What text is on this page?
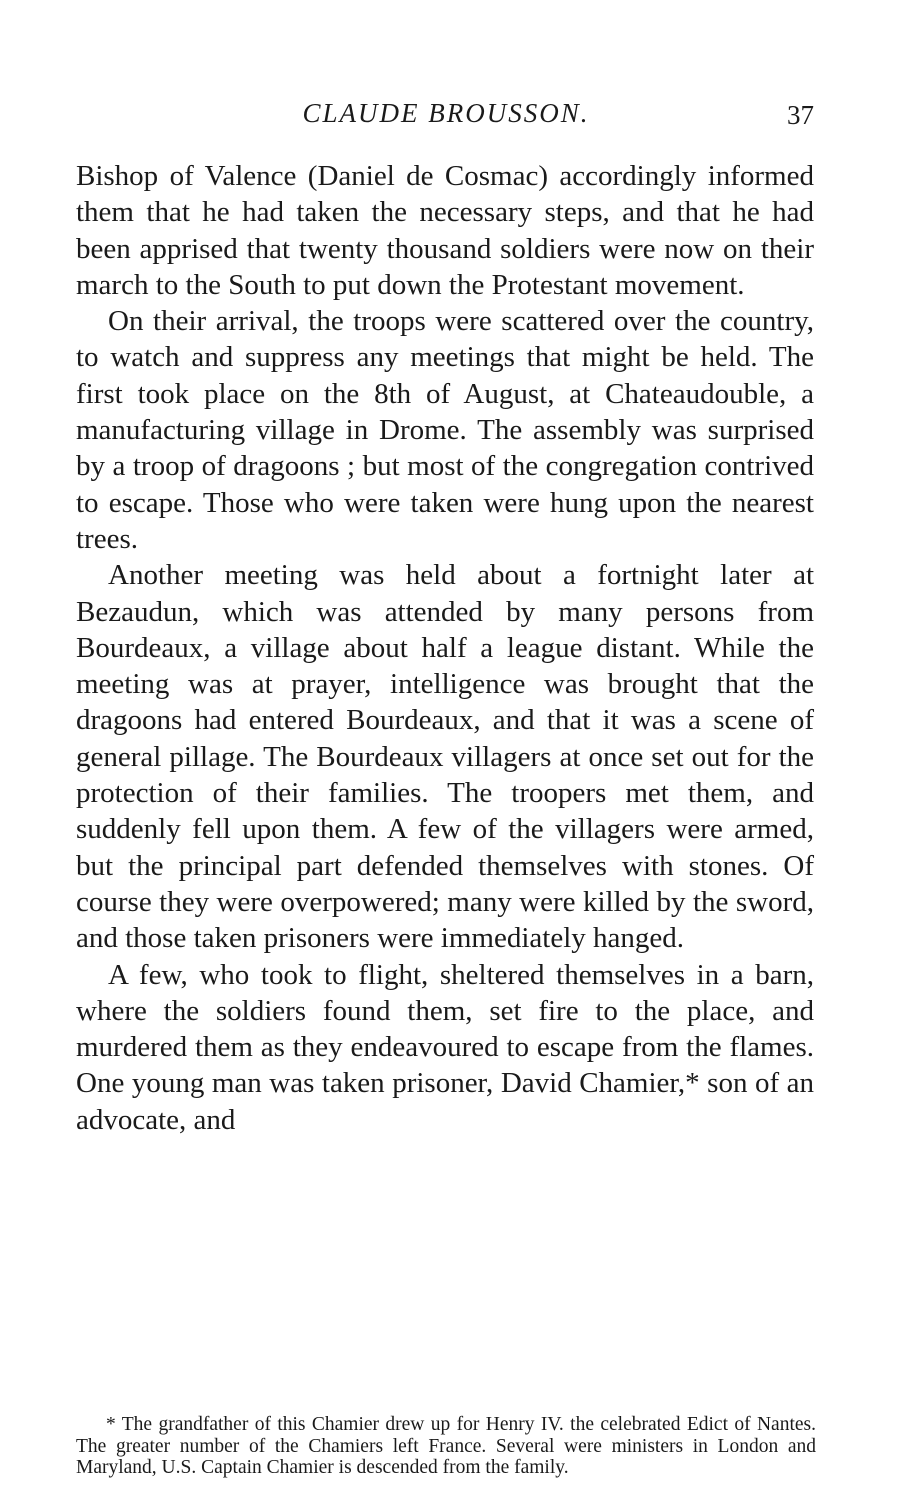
CLAUDE BROUSSON.	37

Bishop of Valence (Daniel de Cosmac) accordingly informed them that he had taken the necessary steps, and that he had been apprised that twenty thousand soldiers were now on their march to the South to put down the Protestant movement.

On their arrival, the troops were scattered over the country, to watch and suppress any meetings that might be held. The first took place on the 8th of August, at Chateaudouble, a manufacturing village in Drome. The assembly was surprised by a troop of dragoons ; but most of the congregation contrived to escape. Those who were taken were hung upon the nearest trees.

Another meeting was held about a fortnight later at Bezaudun, which was attended by many persons from Bourdeaux, a village about half a league distant. While the meeting was at prayer, intelligence was brought that the dragoons had entered Bourdeaux, and that it was a scene of general pillage. The Bourdeaux villagers at once set out for the protection of their families. The troopers met them, and suddenly fell upon them. A few of the villagers were armed, but the principal part defended themselves with stones. Of course they were overpowered; many were killed by the sword, and those taken prisoners were immediately hanged.

A few, who took to flight, sheltered themselves in a barn, where the soldiers found them, set fire to the place, and murdered them as they endeavoured to escape from the flames. One young man was taken prisoner, David Chamier,* son of an advocate, and

* The grandfather of this Chamier drew up for Henry IV. the celebrated Edict of Nantes. The greater number of the Chamiers left France. Several were ministers in London and Maryland, U.S. Captain Chamier is descended from the family.
